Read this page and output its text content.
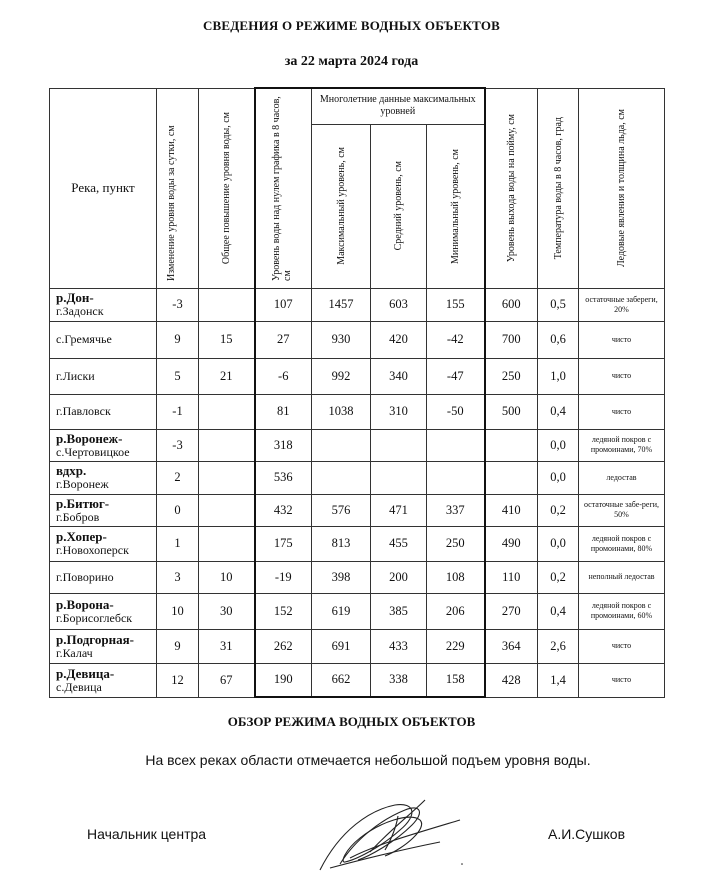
СВЕДЕНИЯ О РЕЖИМЕ ВОДНЫХ ОБЪЕКТОВ
за 22 марта 2024 года
Река, пункт	Изменение уровня воды за сутки, см	Общее повышение уровня воды, см	Уровень воды над нулем графика в 8 часов, см	Многолетние данные максимальных уровней			Уровень выхода воды на пойму, см	Температура воды в 8 часов, град	Ледовые явления и толщина льда, см

				Максимальный уровень, см	Средний уровень, см	Минимальный уровень, см			

р.Дон-
г.Задонск	-3		107	1457	603	155	600	0,5	остаточные забереги, 20%
с.Гремячье	9	15	27	930	420	-42	700	0,6	чисто
г.Лиски	5	21	-6	992	340	-47	250	1,0	чисто
г.Павловск	-1		81	1038	310	-50	500	0,4	чисто
р.Воронеж-
с.Чертовицкое	-3		318					0,0	ледяной покров с промоинами, 70%
вдхр.
г.Воронеж	2		536					0,0	ледостав
р.Битюг-
г.Бобров	0		432	576	471	337	410	0,2	остаточные забе-реги, 50%
р.Хопер-
г.Новохоперск	1		175	813	455	250	490	0,0	ледяной покров с промоинами, 80%
г.Поворино	3	10	-19	398	200	108	110	0,2	неполный ледостав
р.Ворона-
г.Борисоглебск	10	30	152	619	385	206	270	0,4	ледяной покров с промоинами, 60%
р.Подгорная-
г.Калач	9	31	262	691	433	229	364	2,6	чисто
р.Девица-
с.Девица	12	67	190	662	338	158	428	1,4	чисто
ОБЗОР РЕЖИМА ВОДНЫХ ОБЪЕКТОВ
На всех реках области отмечается небольшой подъем уровня воды.
Начальник центра	А.И.Сушков
